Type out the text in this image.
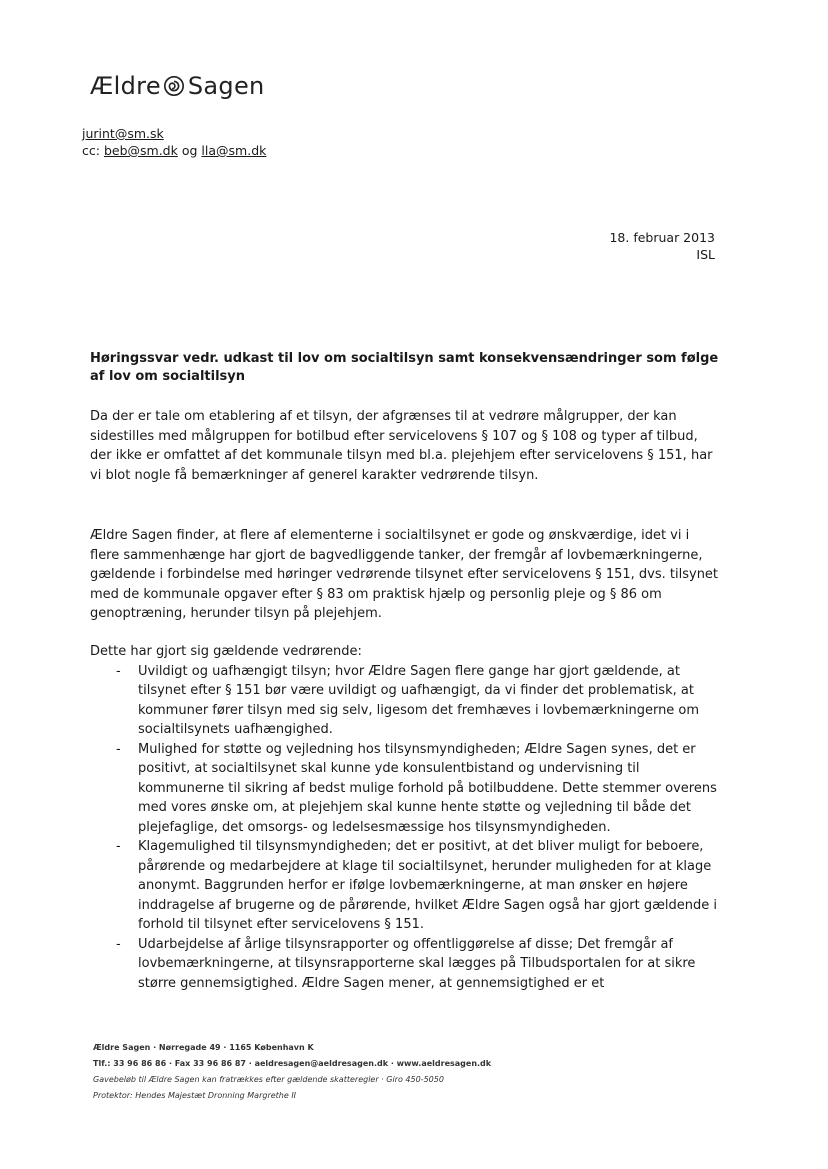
Ældre Sagen
jurint@sm.sk
cc: beb@sm.dk og lla@sm.dk
18. februar 2013
ISL
Høringssvar vedr. udkast til lov om socialtilsyn samt konsekvensændringer som følge af lov om socialtilsyn
Da der er tale om etablering af et tilsyn, der afgrænses til at vedrøre målgrupper, der kan sidestilles med målgruppen for botilbud efter servicelovens § 107 og § 108 og typer af tilbud, der ikke er omfattet af det kommunale tilsyn med bl.a. plejehjem efter servicelovens § 151, har vi blot nogle få bemærkninger af generel karakter vedrørende tilsyn.
Ældre Sagen finder, at flere af elementerne i socialtilsynet er gode og ønskværdige, idet vi i flere sammenhænge har gjort de bagvedliggende tanker, der fremgår af lovbemærkningerne, gældende i forbindelse med høringer vedrørende tilsynet efter servicelovens § 151, dvs. tilsynet med de kommunale opgaver efter § 83 om praktisk hjælp og personlig pleje og § 86 om genoptræning, herunder tilsyn på plejehjem.
Dette har gjort sig gældende vedrørende:
- Uvildigt og uafhængigt tilsyn; hvor Ældre Sagen flere gange har gjort gældende, at tilsynet efter § 151 bør være uvildigt og uafhængigt, da vi finder det problematisk, at kommuner fører tilsyn med sig selv, ligesom det fremhæves i lovbemærkningerne om socialtilsynets uafhængighed.
- Mulighed for støtte og vejledning hos tilsynsmyndigheden; Ældre Sagen synes, det er positivt, at socialtilsynet skal kunne yde konsulentbistand og undervisning til kommunerne til sikring af bedst mulige forhold på botilbuddene. Dette stemmer overens med vores ønske om, at plejehjem skal kunne hente støtte og vejledning til både det plejefaglige, det omsorgs- og ledelsesmæssige hos tilsynsmyndigheden.
- Klagemulighed til tilsynsmyndigheden; det er positivt, at det bliver muligt for beboere, pårørende og medarbejdere at klage til socialtilsynet, herunder muligheden for at klage anonymt. Baggrunden herfor er ifølge lovbemærkningerne, at man ønsker en højere inddragelse af brugerne og de pårørende, hvilket Ældre Sagen også har gjort gældende i forhold til tilsynet efter servicelovens § 151.
- Udarbejdelse af årlige tilsynsrapporter og offentliggørelse af disse; Det fremgår af lovbemærkningerne, at tilsynsrapporterne skal lægges på Tilbudsportalen for at sikre større gennemsigtighed. Ældre Sagen mener, at gennemsigtighed er et
Ældre Sagen · Nørregade 49 · 1165 København K
Tlf.: 33 96 86 86 · Fax 33 96 86 87 · aeldresagen@aeldresagen.dk · www.aeldresagen.dk
Gavebeløb til Ældre Sagen kan fratrækkes efter gældende skatteregler · Giro 450-5050
Protektor: Hendes Majestæt Dronning Margrethe II
